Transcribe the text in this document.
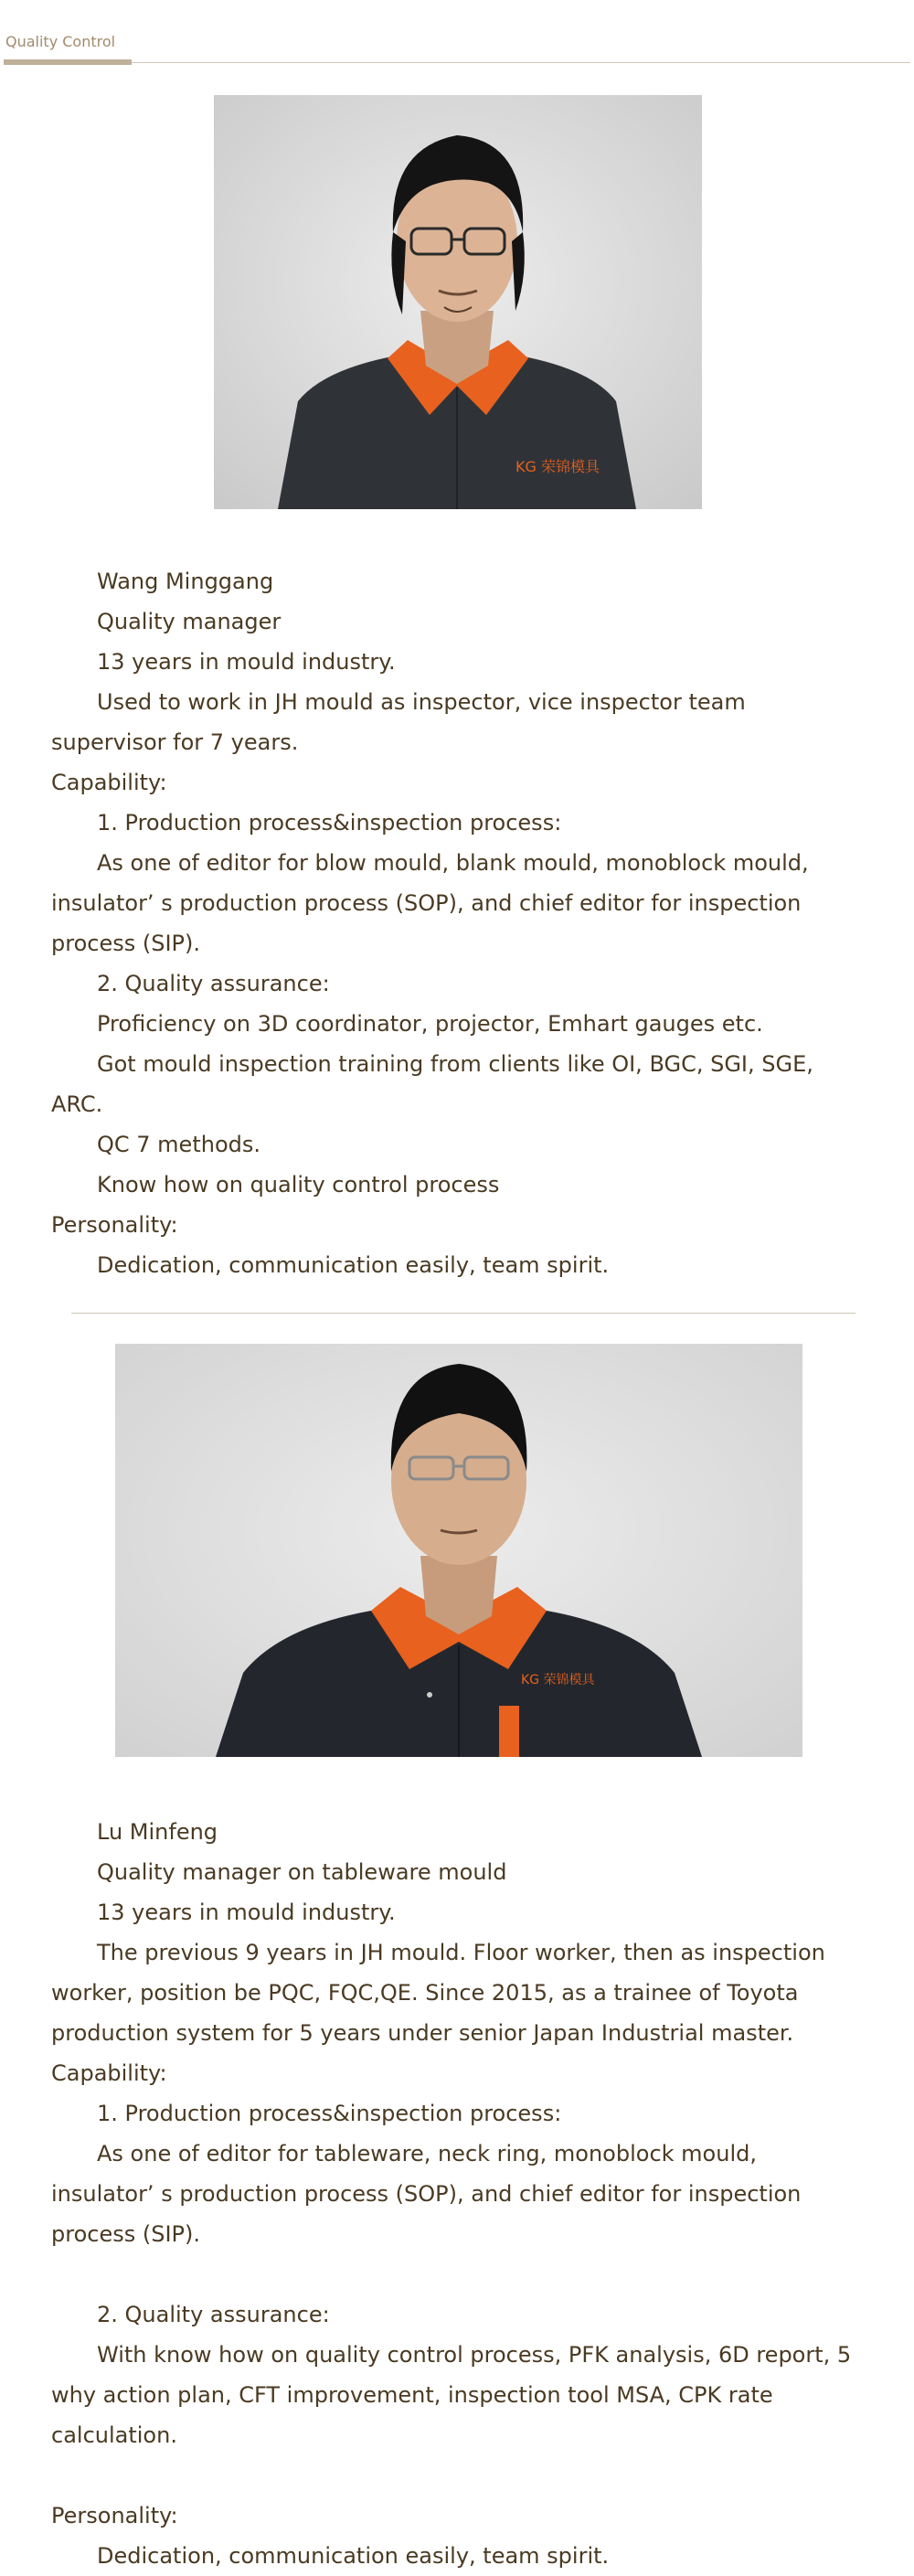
Quality Control
KG 荣锦模具

Wang Minggang

Quality manager

13 years in mould industry.

Used to work in JH mould as inspector, vice inspector team supervisor for 7 years.

Capability:

1. Production process&inspection process:

As one of editor for blow mould, blank mould, monoblock mould, insulator’ s production process (SOP), and chief editor for inspection process (SIP).

2. Quality assurance:

Proficiency on 3D coordinator, projector, Emhart gauges etc.

Got mould inspection training from clients like OI, BGC, SGI, SGE, ARC.

QC 7 methods.

Know how on quality control process

Personality:

Dedication, communication easily, team spirit.

KG 荣锦模具

Lu Minfeng

Quality manager on tableware mould

13 years in mould industry.

The previous 9 years in JH mould. Floor worker, then as inspection worker, position be PQC, FQC,QE. Since 2015, as a trainee of Toyota production system for 5 years under senior Japan Industrial master.

Capability:

1. Production process&inspection process:

As one of editor for tableware, neck ring, monoblock mould, insulator’ s production process (SOP), and chief editor for inspection process (SIP).

2. Quality assurance:

With know how on quality control process, PFK analysis, 6D report, 5 why action plan, CFT improvement, inspection tool MSA, CPK rate calculation.

Personality:

Dedication, communication easily, team spirit.
